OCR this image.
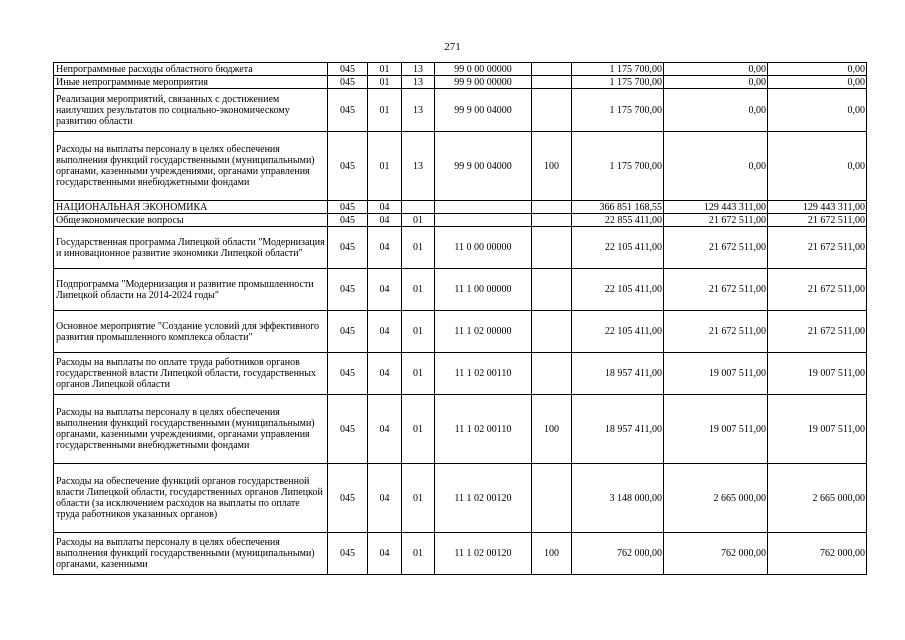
271
Непрограммные расходы областного бюджета	045	01	13	99 0 00 00000		1 175 700,00	0,00	0,00
Иные непрограммные мероприятия	045	01	13	99 9 00 00000		1 175 700,00	0,00	0,00
Реализация мероприятий, связанных с достижением наилучших результатов по социально-экономическому развитию области	045	01	13	99 9 00 04000		1 175 700,00	0,00	0,00
Расходы на выплаты персоналу в целях обеспечения выполнения функций государственными (муниципальными) органами, казенными учреждениями, органами управления государственными внебюджетными фондами	045	01	13	99 9 00 04000	100	1 175 700,00	0,00	0,00
НАЦИОНАЛЬНАЯ ЭКОНОМИКА	045	04				366 851 168,55	129 443 311,00	129 443 311,00
Общеэкономические вопросы	045	04	01			22 855 411,00	21 672 511,00	21 672 511,00
Государственная программа Липецкой области "Модернизация и инновационное развитие экономики Липецкой области"	045	04	01	11 0 00 00000		22 105 411,00	21 672 511,00	21 672 511,00
Подпрограмма "Модернизация и развитие промышленности Липецкой области на 2014-2024 годы"	045	04	01	11 1 00 00000		22 105 411,00	21 672 511,00	21 672 511,00
Основное мероприятие "Создание условий для эффективного развития промышленного комплекса области"	045	04	01	11 1 02 00000		22 105 411,00	21 672 511,00	21 672 511,00
Расходы на выплаты по оплате труда работников органов государственной власти Липецкой области, государственных органов Липецкой области	045	04	01	11 1 02 00110		18 957 411,00	19 007 511,00	19 007 511,00
Расходы на выплаты персоналу в целях обеспечения выполнения функций государственными (муниципальными) органами, казенными учреждениями, органами управления государственными внебюджетными фондами	045	04	01	11 1 02 00110	100	18 957 411,00	19 007 511,00	19 007 511,00
Расходы на обеспечение функций органов государственной власти Липецкой области, государственных органов Липецкой области (за исключением расходов на выплаты по оплате труда работников указанных органов)	045	04	01	11 1 02 00120		3 148 000,00	2 665 000,00	2 665 000,00
Расходы на выплаты персоналу в целях обеспечения выполнения функций государственными (муниципальными) органами, казенными	045	04	01	11 1 02 00120	100	762 000,00	762 000,00	762 000,00
